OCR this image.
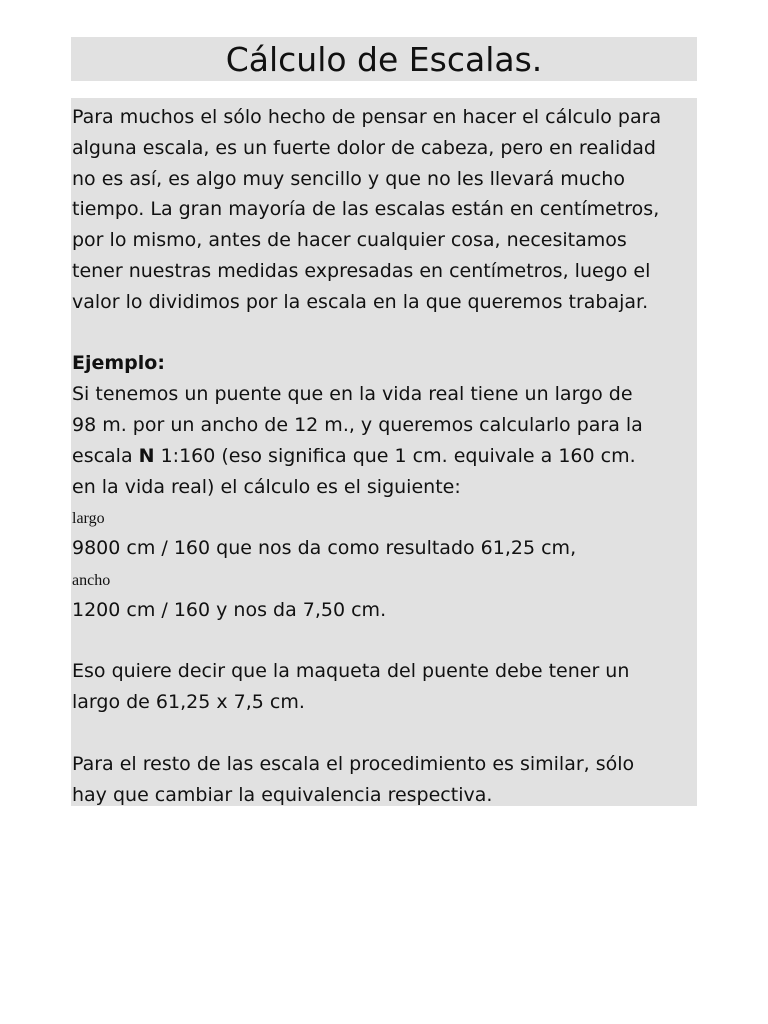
Cálculo de Escalas.

Para muchos el sólo hecho de pensar en hacer el cálculo para

alguna escala, es un fuerte dolor de cabeza, pero en realidad

no es así, es algo muy sencillo y que no les llevará mucho

tiempo. La gran mayoría de las escalas están en centímetros,

por lo mismo, antes de hacer cualquier cosa, necesitamos

tener nuestras medidas expresadas en centímetros, luego el

valor lo dividimos por la escala en la que queremos trabajar.

Ejemplo:

Si tenemos un puente que en la vida real tiene un largo de

98 m. por un ancho de 12 m., y queremos calcularlo para la

escala N 1:160 (eso significa que 1 cm. equivale a 160 cm.

en la vida real) el cálculo es el siguiente:

largo

9800 cm / 160 que nos da como resultado 61,25 cm,

ancho

1200 cm / 160 y nos da 7,50 cm.

Eso quiere decir que la maqueta del puente debe tener un

largo de 61,25 x 7,5 cm.

Para el resto de las escala el procedimiento es similar, sólo

hay que cambiar la equivalencia respectiva.
